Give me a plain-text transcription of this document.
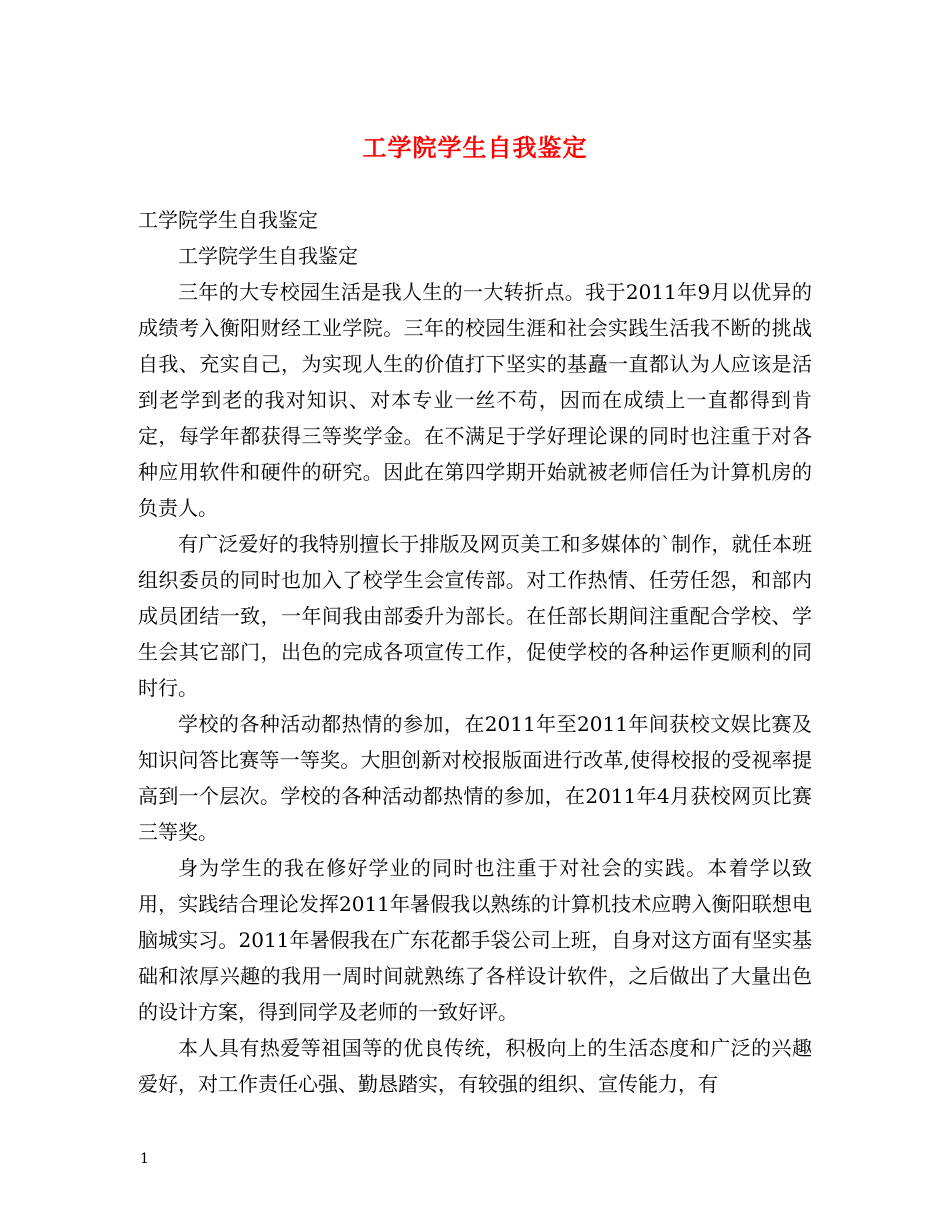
工学院学生自我鉴定

工学院学生自我鉴定

工学院学生自我鉴定

三年的大专校园生活是我人生的一大转折点。我于2011年9月以优异的成绩考入衡阳财经工业学院。三年的校园生涯和社会实践生活我不断的挑战自我、充实自己，为实现人生的价值打下坚实的基矗一直都认为人应该是活到老学到老的我对知识、对本专业一丝不苟，因而在成绩上一直都得到肯定，每学年都获得三等奖学金。在不满足于学好理论课的同时也注重于对各种应用软件和硬件的研究。因此在第四学期开始就被老师信任为计算机房的负责人。

有广泛爱好的我特别擅长于排版及网页美工和多媒体的`制作，就任本班组织委员的同时也加入了校学生会宣传部。对工作热情、任劳任怨，和部内成员团结一致，一年间我由部委升为部长。在任部长期间注重配合学校、学生会其它部门，出色的完成各项宣传工作，促使学校的各种运作更顺利的同时行。

学校的各种活动都热情的参加，在2011年至2011年间获校文娱比赛及知识问答比赛等一等奖。大胆创新对校报版面进行改革,使得校报的受视率提高到一个层次。学校的各种活动都热情的参加，在2011年4月获校网页比赛三等奖。

身为学生的我在修好学业的同时也注重于对社会的实践。本着学以致用，实践结合理论发挥2011年暑假我以熟练的计算机技术应聘入衡阳联想电脑城实习。2011年暑假我在广东花都手袋公司上班，自身对这方面有坚实基础和浓厚兴趣的我用一周时间就熟练了各样设计软件，之后做出了大量出色的设计方案，得到同学及老师的一致好评。

本人具有热爱等祖国等的优良传统，积极向上的生活态度和广泛的兴趣爱好，对工作责任心强、勤恳踏实，有较强的组织、宣传能力，有

1
